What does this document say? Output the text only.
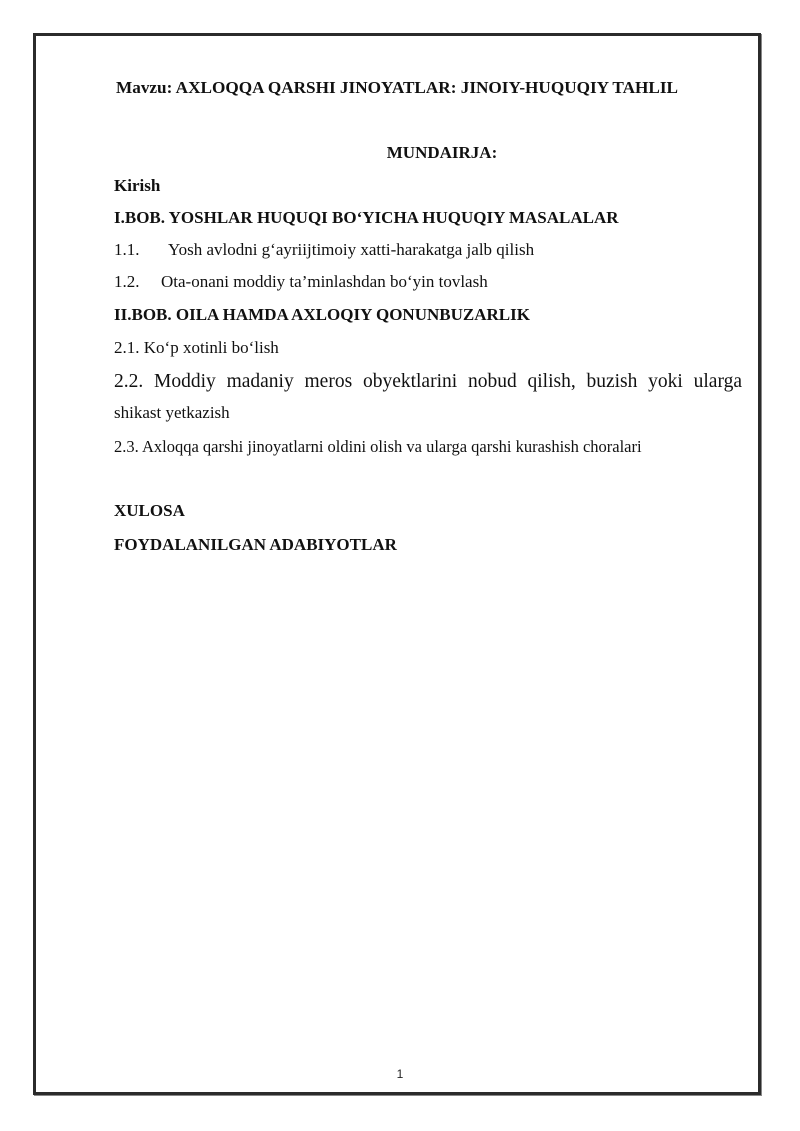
Mavzu: AXLOQQA QARSHI JINOYATLAR: JINOIY-HUQUQIY TAHLIL
MUNDAIRJA:
Kirish
I.BOB. YOSHLAR HUQUQI BO‘YICHA HUQUQIY MASALALAR
1.1. Yosh avlodni g‘ayriijtimoiy xatti-harakatga jalb qilish
1.2. Ota-onani moddiy ta’minlashdan bo‘yin tovlash
II.BOB. OILA HAMDA AXLOQIY QONUNBUZARLIK
2.1. Ko‘p xotinli bo‘lish
2.2. Moddiy madaniy meros obyektlarini nobud qilish, buzish yoki ularga
shikast yetkazish
2.3. Axloqqa qarshi jinoyatlarni oldini olish va ularga qarshi kurashish choralari
XULOSA
FOYDALANILGAN ADABIYOTLAR
1
